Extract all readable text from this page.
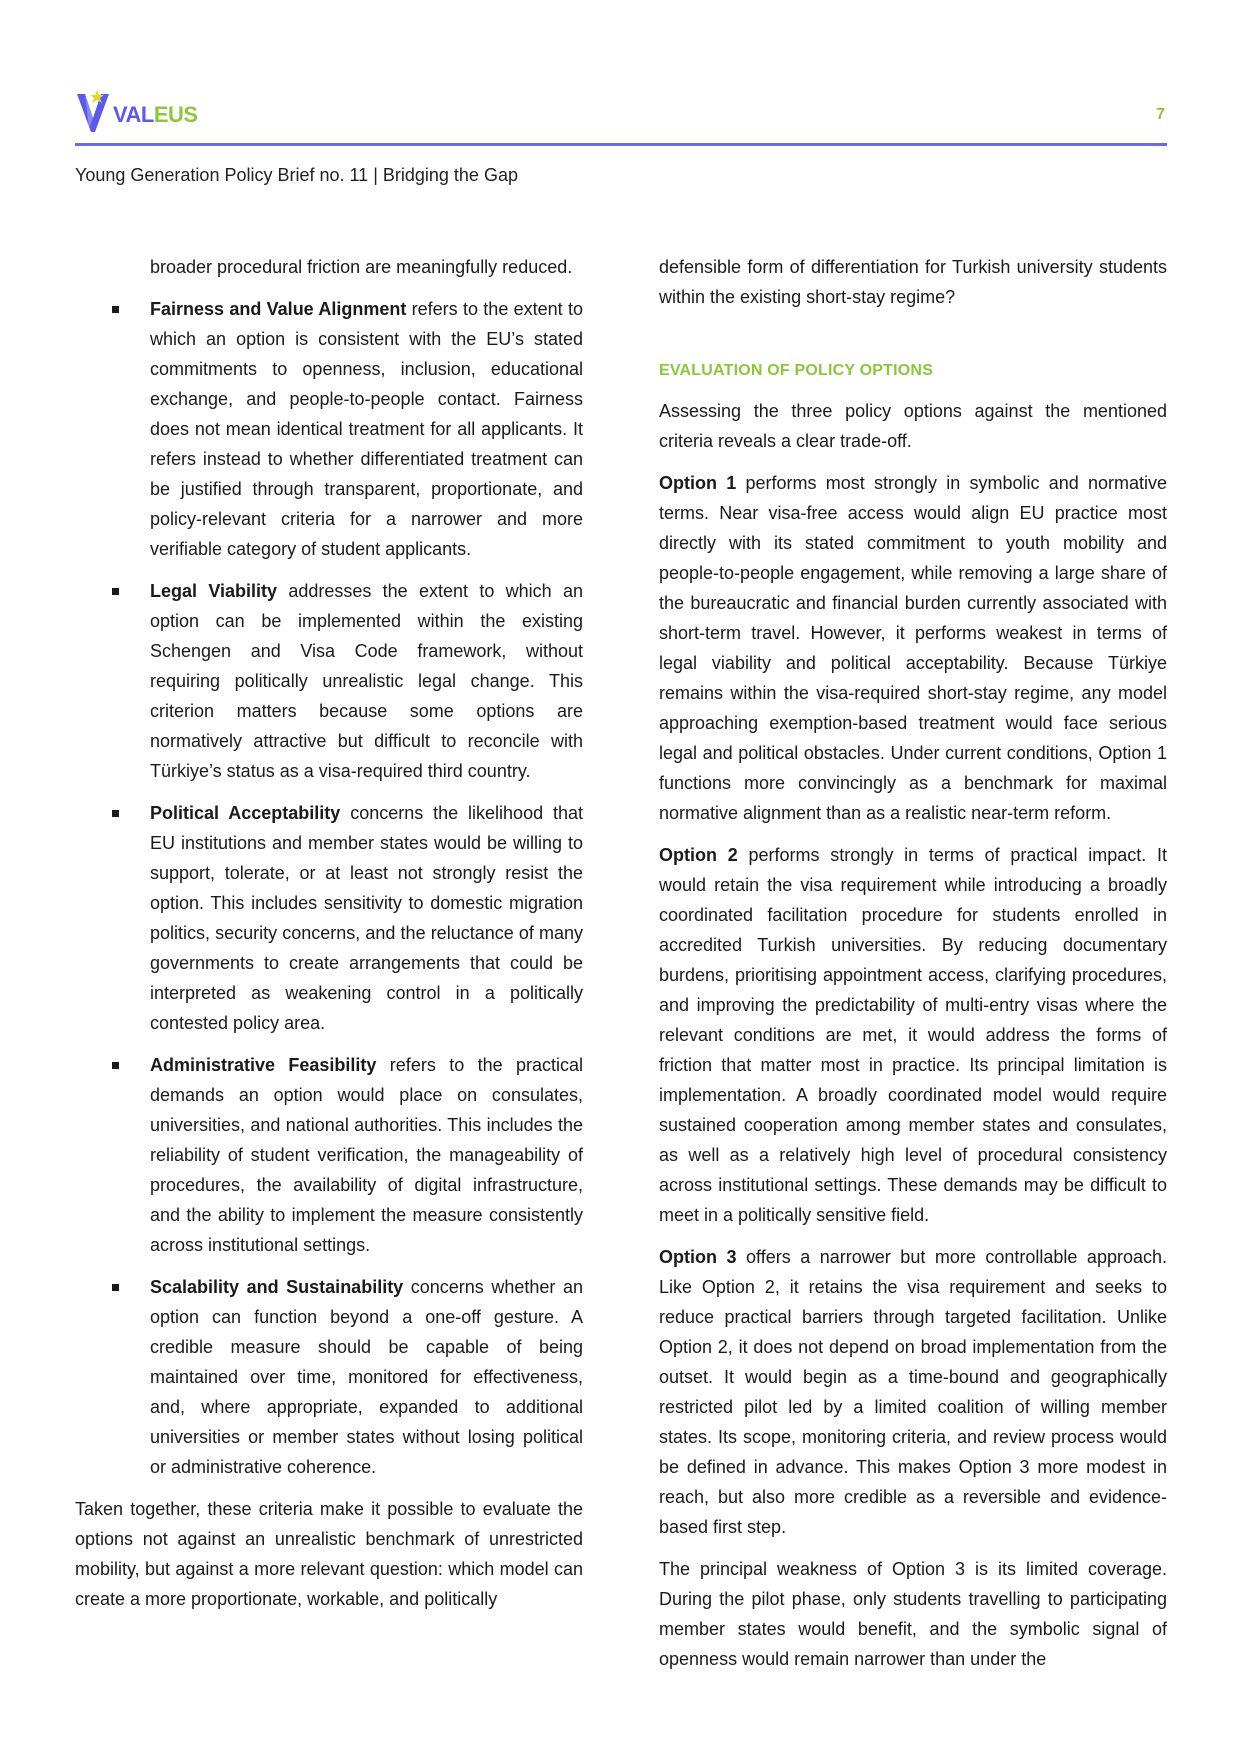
VALEUS	7
Young Generation Policy Brief no. 11 | Bridging the Gap

broader procedural friction are meaningfully reduced.

Fairness and Value Alignment refers to the extent to which an option is consistent with the EU’s stated commitments to openness, inclusion, educational exchange, and people-to-people contact. Fairness does not mean identical treatment for all applicants. It refers instead to whether differentiated treatment can be justified through transparent, proportionate, and policy-relevant criteria for a narrower and more verifiable category of student applicants.
Legal Viability addresses the extent to which an option can be implemented within the existing Schengen and Visa Code framework, without requiring politically unrealistic legal change. This criterion matters because some options are normatively attractive but difficult to reconcile with Türkiye’s status as a visa-required third country.
Political Acceptability concerns the likelihood that EU institutions and member states would be willing to support, tolerate, or at least not strongly resist the option. This includes sensitivity to domestic migration politics, security concerns, and the reluctance of many governments to create arrangements that could be interpreted as weakening control in a politically contested policy area.
Administrative Feasibility refers to the practical demands an option would place on consulates, universities, and national authorities. This includes the reliability of student verification, the manageability of procedures, the availability of digital infrastructure, and the ability to implement the measure consistently across institutional settings.
Scalability and Sustainability concerns whether an option can function beyond a one-off gesture. A credible measure should be capable of being maintained over time, monitored for effectiveness, and, where appropriate, expanded to additional universities or member states without losing political or administrative coherence.

Taken together, these criteria make it possible to evaluate the options not against an unrealistic benchmark of unrestricted mobility, but against a more relevant question: which model can create a more proportionate, workable, and politically

defensible form of differentiation for Turkish university students within the existing short-stay regime?

EVALUATION OF POLICY OPTIONS

Assessing the three policy options against the mentioned criteria reveals a clear trade-off.

Option 1 performs most strongly in symbolic and normative terms. Near visa-free access would align EU practice most directly with its stated commitment to youth mobility and people-to-people engagement, while removing a large share of the bureaucratic and financial burden currently associated with short-term travel. However, it performs weakest in terms of legal viability and political acceptability. Because Türkiye remains within the visa-required short-stay regime, any model approaching exemption-based treatment would face serious legal and political obstacles. Under current conditions, Option 1 functions more convincingly as a benchmark for maximal normative alignment than as a realistic near-term reform.

Option 2 performs strongly in terms of practical impact. It would retain the visa requirement while introducing a broadly coordinated facilitation procedure for students enrolled in accredited Turkish universities. By reducing documentary burdens, prioritising appointment access, clarifying procedures, and improving the predictability of multi-entry visas where the relevant conditions are met, it would address the forms of friction that matter most in practice. Its principal limitation is implementation. A broadly coordinated model would require sustained cooperation among member states and consulates, as well as a relatively high level of procedural consistency across institutional settings. These demands may be difficult to meet in a politically sensitive field.

Option 3 offers a narrower but more controllable approach. Like Option 2, it retains the visa requirement and seeks to reduce practical barriers through targeted facilitation. Unlike Option 2, it does not depend on broad implementation from the outset. It would begin as a time-bound and geographically restricted pilot led by a limited coalition of willing member states. Its scope, monitoring criteria, and review process would be defined in advance. This makes Option 3 more modest in reach, but also more credible as a reversible and evidence-based first step.

The principal weakness of Option 3 is its limited coverage. During the pilot phase, only students travelling to participating member states would benefit, and the symbolic signal of openness would remain narrower than under the
